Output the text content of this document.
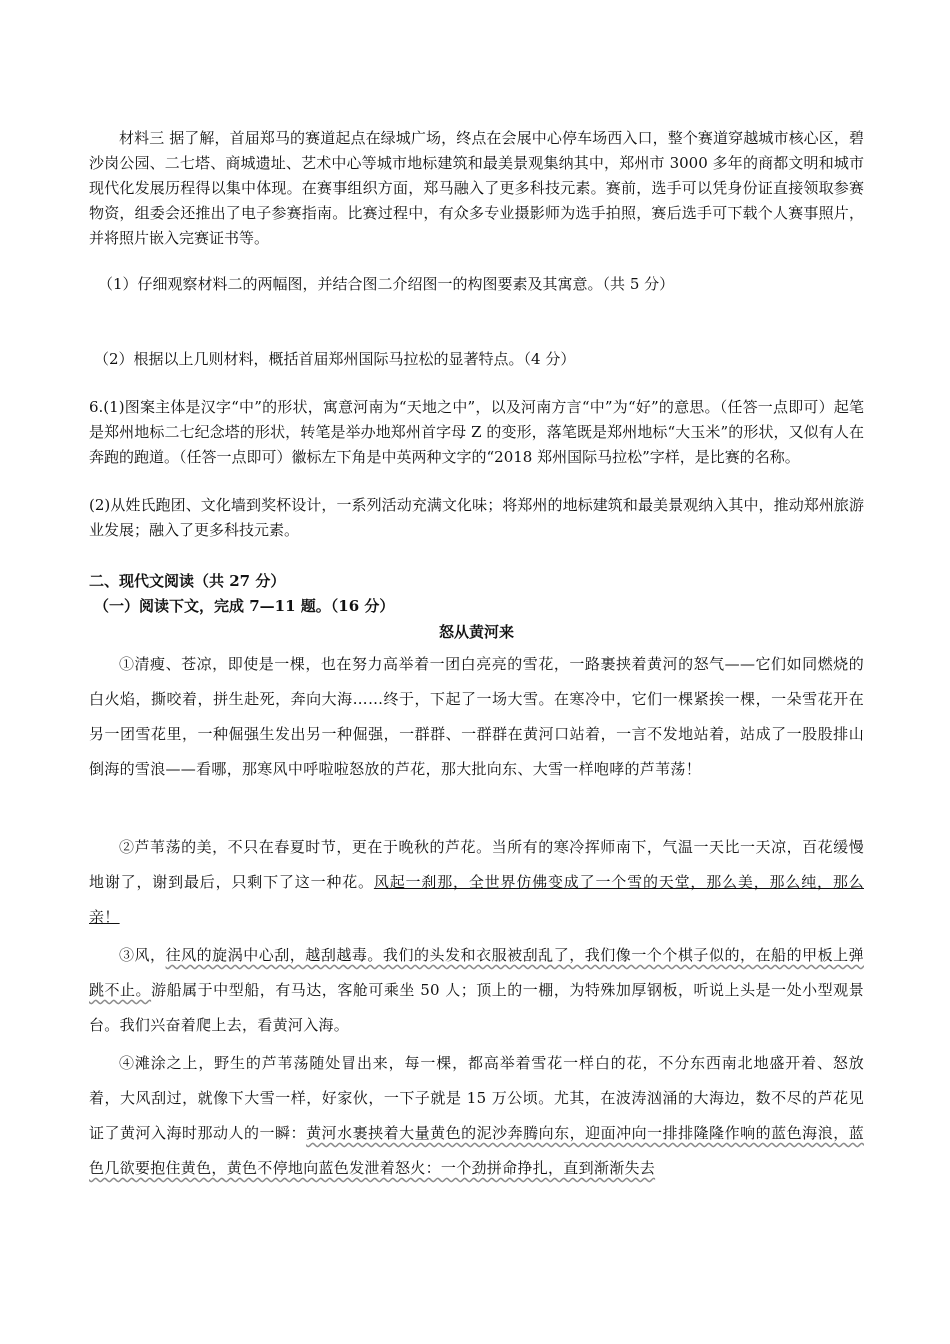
材料三 据了解，首届郑马的赛道起点在绿城广场，终点在会展中心停车场西入口，整个赛道穿越城市核心区，碧沙岗公园、二七塔、商城遗址、艺术中心等城市地标建筑和最美景观集纳其中，郑州市 3000 多年的商都文明和城市现代化发展历程得以集中体现。在赛事组织方面，郑马融入了更多科技元素。赛前，选手可以凭身份证直接领取参赛物资，组委会还推出了电子参赛指南。比赛过程中，有众多专业摄影师为选手拍照，赛后选手可下载个人赛事照片，并将照片嵌入完赛证书等。

（1）仔细观察材料二的两幅图，并结合图二介绍图一的构图要素及其寓意。（共 5 分）

（2）根据以上几则材料，概括首届郑州国际马拉松的显著特点。（4 分）

6.(1)图案主体是汉字“中”的形状，寓意河南为“天地之中”，以及河南方言“中”为“好”的意思。（任答一点即可）起笔是郑州地标二七纪念塔的形状，转笔是举办地郑州首字母 Z 的变形，落笔既是郑州地标“大玉米”的形状，又似有人在奔跑的跑道。（任答一点即可）徽标左下角是中英两种文字的“2018 郑州国际马拉松”字样，是比赛的名称。

(2)从姓氏跑团、文化墙到奖杯设计，一系列活动充满文化味；将郑州的地标建筑和最美景观纳入其中，推动郑州旅游业发展；融入了更多科技元素。

二、现代文阅读（共 27 分）

（一）阅读下文，完成 7—11 题。（16 分）

怒从黄河来

①清瘦、苍凉，即使是一棵，也在努力高举着一团白亮亮的雪花，一路裹挟着黄河的怒气——它们如同燃烧的白火焰，撕咬着，拼生赴死，奔向大海……终于，下起了一场大雪。在寒冷中，它们一棵紧挨一棵，一朵雪花开在另一团雪花里，一种倔强生发出另一种倔强，一群群、一群群在黄河口站着，一言不发地站着，站成了一股股排山倒海的雪浪——看哪，那寒风中呼啦啦怒放的芦花，那大批向东、大雪一样咆哮的芦苇荡！

②芦苇荡的美，不只在春夏时节，更在于晚秋的芦花。当所有的寒冷挥师南下，气温一天比一天凉，百花缓慢地谢了，谢到最后，只剩下了这一种花。风起一刹那，全世界仿佛变成了一个雪的天堂，那么美，那么纯，那么亲！

③风，往风的旋涡中心刮，越刮越毒。我们的头发和衣服被刮乱了，我们像一个个棋子似的，在船的甲板上弹跳不止。游船属于中型船，有马达，客舱可乘坐 50 人；顶上的一棚，为特殊加厚钢板，听说上头是一处小型观景台。我们兴奋着爬上去，看黄河入海。

④滩涂之上，野生的芦苇荡随处冒出来，每一棵，都高举着雪花一样白的花，不分东西南北地盛开着、怒放着，大风刮过，就像下大雪一样，好家伙，一下子就是 15 万公顷。尤其，在波涛汹涌的大海边，数不尽的芦花见证了黄河入海时那动人的一瞬：黄河水裹挟着大量黄色的泥沙奔腾向东，迎面冲向一排排隆隆作响的蓝色海浪，蓝色几欲要抱住黄色，黄色不停地向蓝色发泄着怒火：一个劲拼命挣扎，直到渐渐失去
